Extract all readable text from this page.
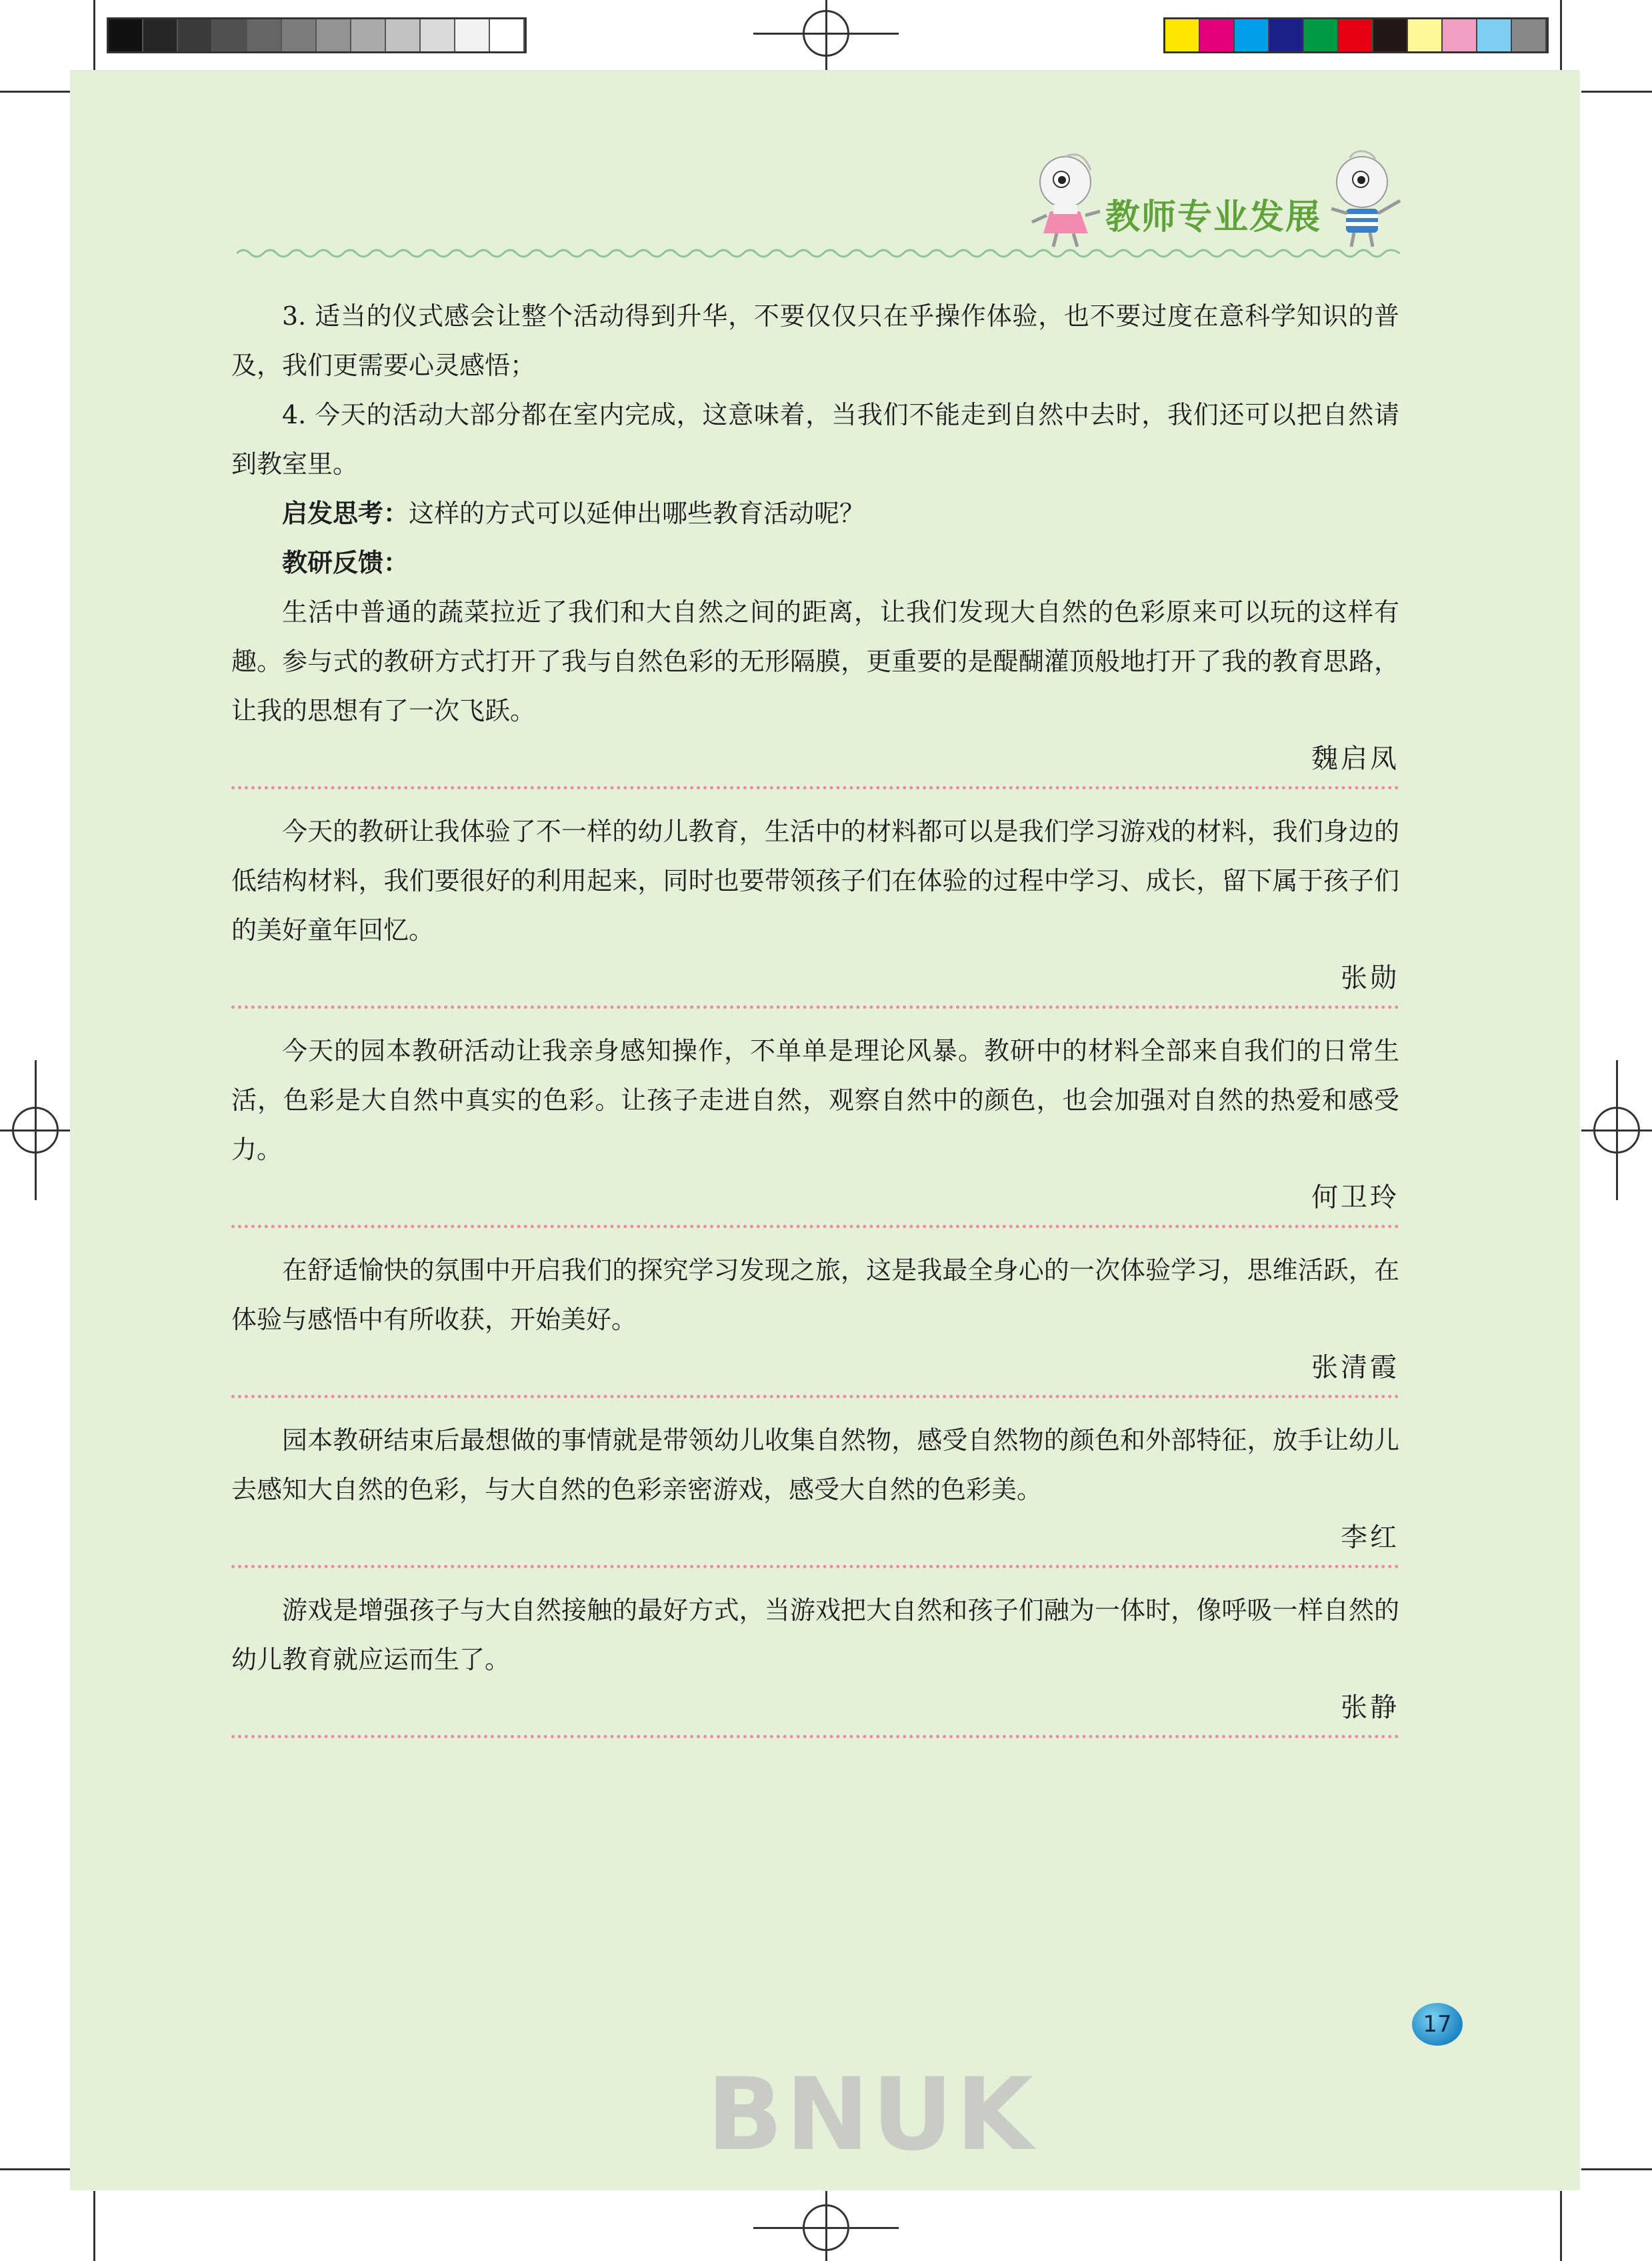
教师专业发展

3. 适当的仪式感会让整个活动得到升华，不要仅仅只在乎操作体验，也不要过度在意科学知识的普及，我们更需要心灵感悟；

4. 今天的活动大部分都在室内完成，这意味着，当我们不能走到自然中去时，我们还可以把自然请到教室里。

启发思考：这样的方式可以延伸出哪些教育活动呢？

教研反馈：

生活中普通的蔬菜拉近了我们和大自然之间的距离，让我们发现大自然的色彩原来可以玩的这样有趣。参与式的教研方式打开了我与自然色彩的无形隔膜，更重要的是醍醐灌顶般地打开了我的教育思路，让我的思想有了一次飞跃。

魏启凤

今天的教研让我体验了不一样的幼儿教育，生活中的材料都可以是我们学习游戏的材料，我们身边的低结构材料，我们要很好的利用起来，同时也要带领孩子们在体验的过程中学习、成长，留下属于孩子们的美好童年回忆。

张勋

今天的园本教研活动让我亲身感知操作，不单单是理论风暴。教研中的材料全部来自我们的日常生活，色彩是大自然中真实的色彩。让孩子走进自然，观察自然中的颜色，也会加强对自然的热爱和感受力。

何卫玲

在舒适愉快的氛围中开启我们的探究学习发现之旅，这是我最全身心的一次体验学习，思维活跃，在体验与感悟中有所收获，开始美好。

张清霞

园本教研结束后最想做的事情就是带领幼儿收集自然物，感受自然物的颜色和外部特征，放手让幼儿去感知大自然的色彩，与大自然的色彩亲密游戏，感受大自然的色彩美。

李红

游戏是增强孩子与大自然接触的最好方式，当游戏把大自然和孩子们融为一体时，像呼吸一样自然的幼儿教育就应运而生了。

张静
17
BNUK
